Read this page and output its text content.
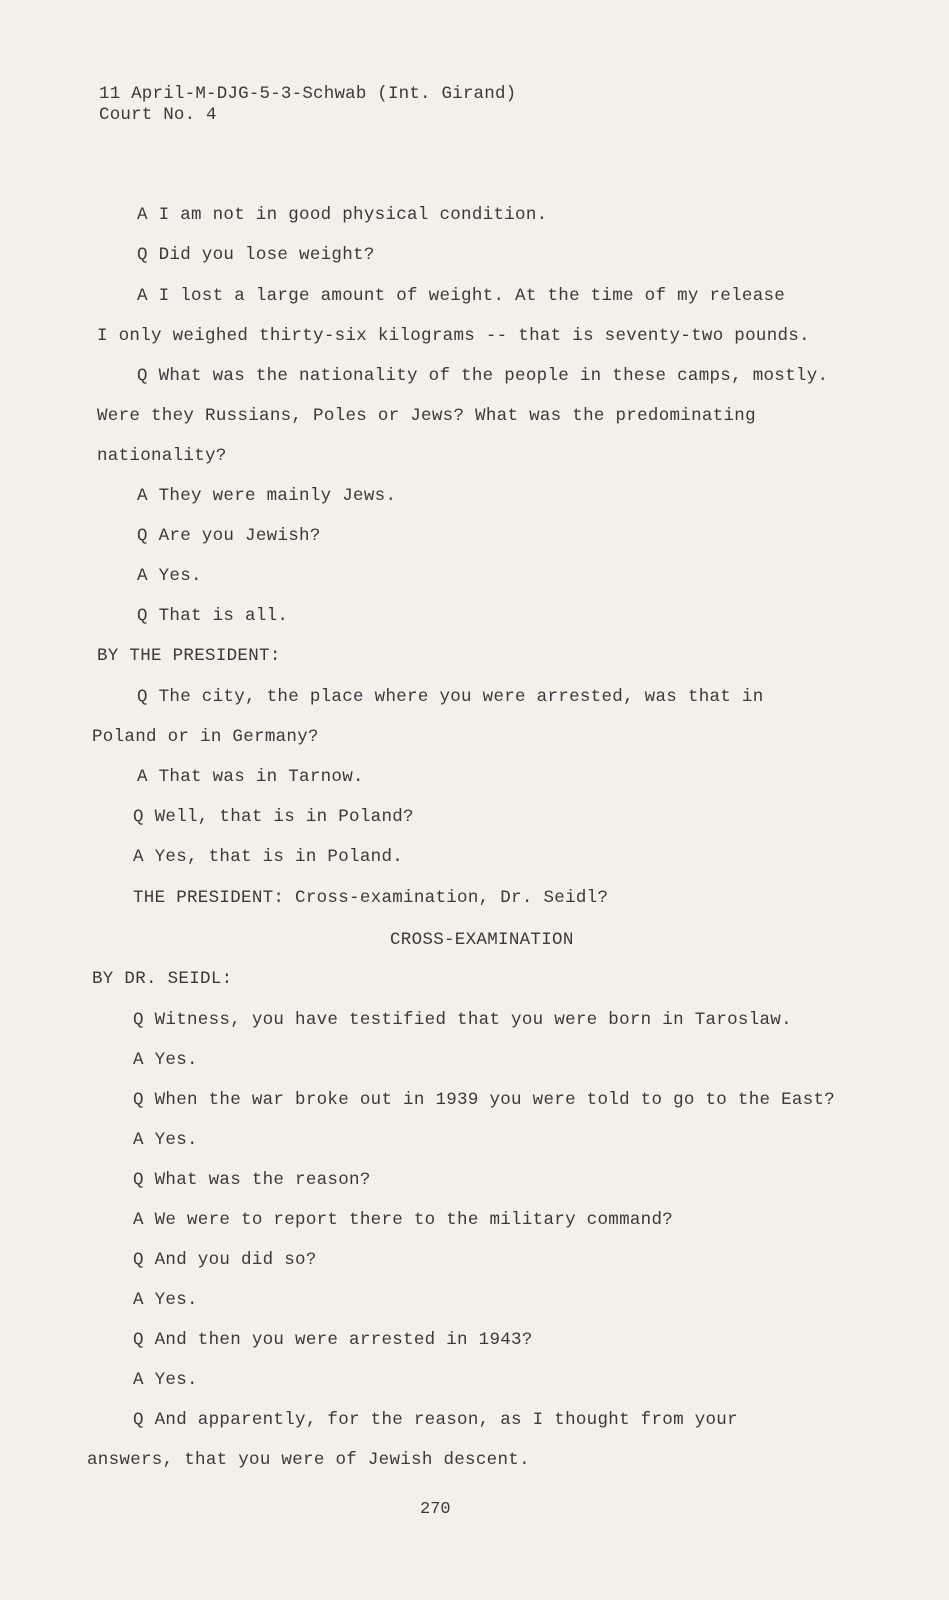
11 April-M-DJG-5-3-Schwab (Int. Girand)
Court No. 4
A I am not in good physical condition.
Q Did you lose weight?
A I lost a large amount of weight. At the time of my release
I only weighed thirty-six kilograms -- that is seventy-two pounds.
Q What was the nationality of the people in these camps, mostly.
Were they Russians, Poles or Jews? What was the predominating
nationality?
A They were mainly Jews.
Q Are you Jewish?
A Yes.
Q That is all.
BY THE PRESIDENT:
Q The city, the place where you were arrested, was that in
Poland or in Germany?
A That was in Tarnow.
Q Well, that is in Poland?
A Yes, that is in Poland.
THE PRESIDENT: Cross-examination, Dr. Seidl?
CROSS-EXAMINATION
BY DR. SEIDL:
Q Witness, you have testified that you were born in Taroslaw.
A Yes.
Q When the war broke out in 1939 you were told to go to the East?
A Yes.
Q What was the reason?
A We were to report there to the military command?
Q And you did so?
A Yes.
Q And then you were arrested in 1943?
A Yes.
Q And apparently, for the reason, as I thought from your
answers, that you were of Jewish descent.
270
